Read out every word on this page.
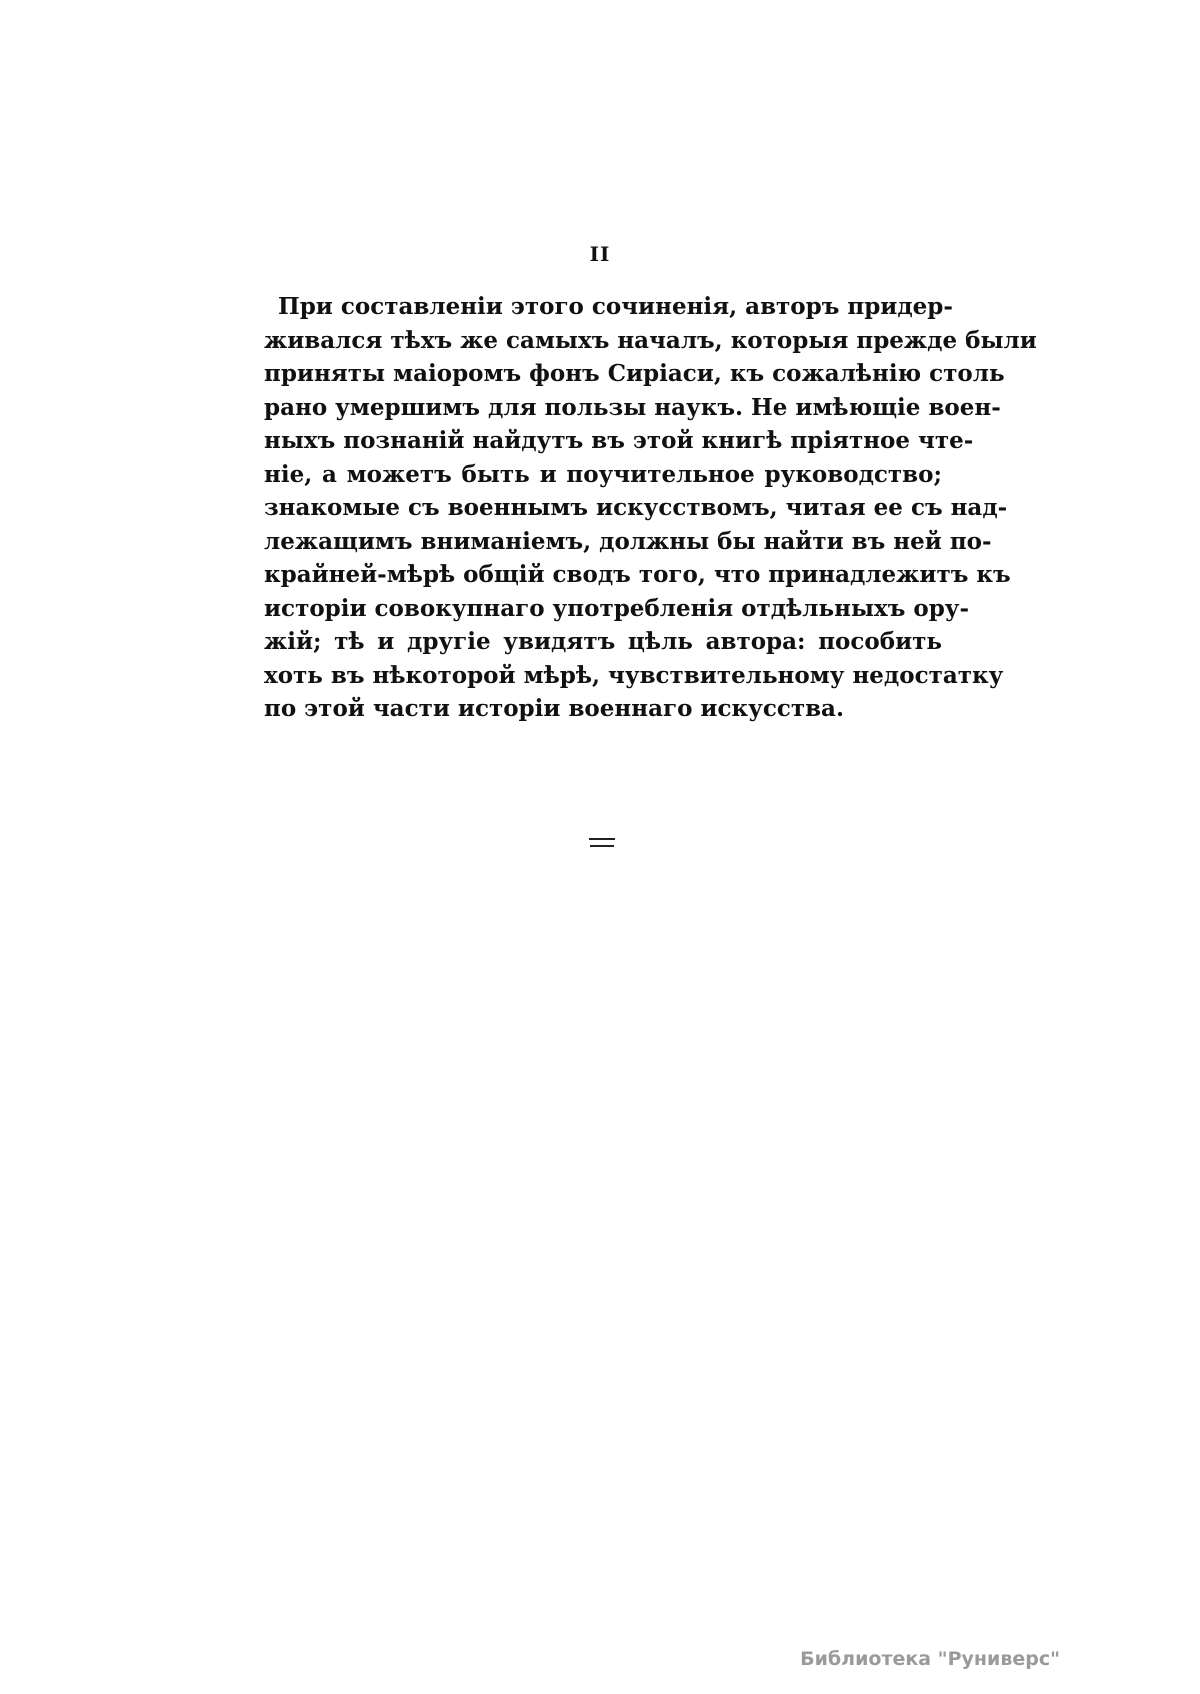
II
При составленіи этого сочиненія, авторъ придер-
живался тѣхъ же самыхъ началъ, которыя прежде были
приняты маіоромъ фонъ Сиріаси, къ сожалѣнію столь
рано умершимъ для пользы наукъ. Не имѣющіе воен-
ныхъ познаній найдутъ въ этой книгѣ пріятное чте-
ніе, а можетъ быть и поучительное руководство;
знакомые съ военнымъ искусствомъ, читая ее съ над-
лежащимъ вниманіемъ, должны бы найти въ ней по-
крайней-мѣрѣ общій сводъ того, что принадлежитъ къ
исторіи совокупнаго употребленія отдѣльныхъ ору-
жій; тѣ и другіе увидятъ цѣль автора: пособить
хоть въ нѣкоторой мѣрѣ, чувствительному недостатку
по этой части исторіи военнаго искусства.
Библиотека "Руниверс"
